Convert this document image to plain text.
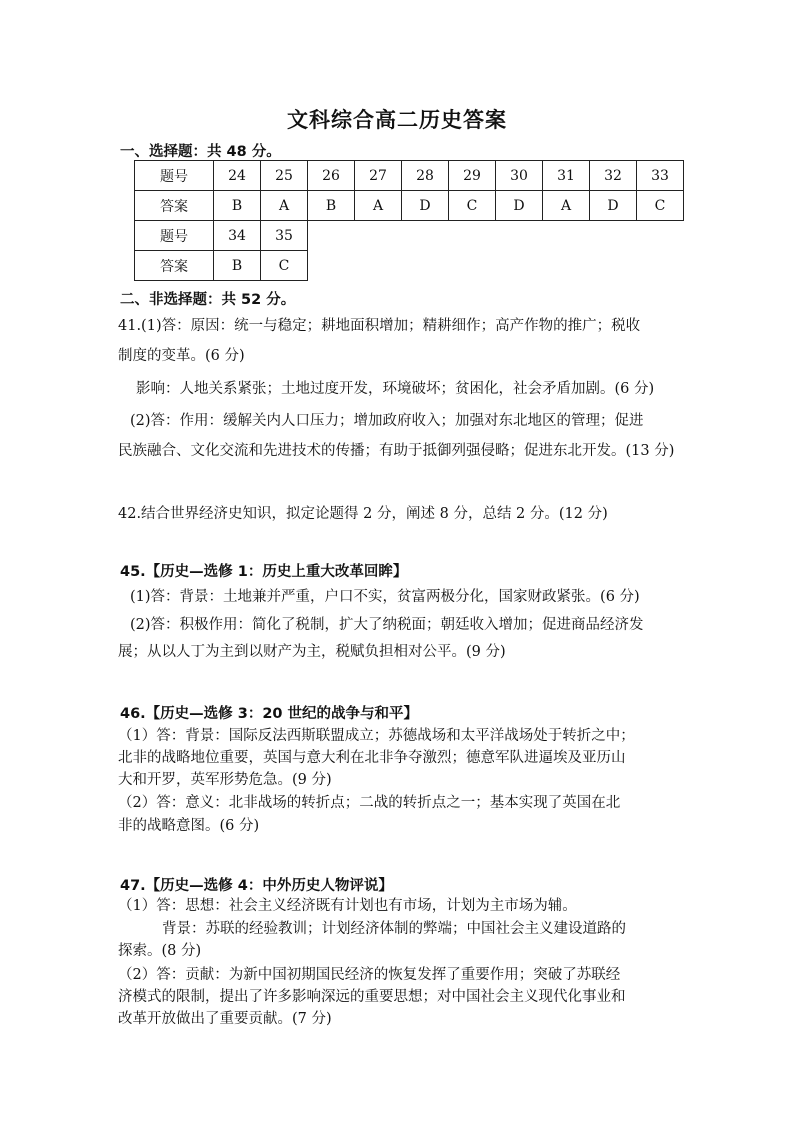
文科综合高二历史答案
一、选择题：共 48 分。
题号	24	25	26	27	28	29	30	31	32	33
答案	B	A	B	A	D	C	D	A	D	C
题号	34	35								
答案	B	C								
二、非选择题：共 52 分。
41.(1)答：原因：统一与稳定；耕地面积增加；精耕细作；高产作物的推广；税收
制度的变革。(6 分)
影响：人地关系紧张；土地过度开发，环境破坏；贫困化，社会矛盾加剧。(6 分)
(2)答：作用：缓解关内人口压力；增加政府收入；加强对东北地区的管理；促进
民族融合、文化交流和先进技术的传播；有助于抵御列强侵略；促进东北开发。(13 分)
42.结合世界经济史知识，拟定论题得 2 分，阐述 8 分，总结 2 分。(12 分)
45.【历史—选修 1：历史上重大改革回眸】
(1)答：背景：土地兼并严重，户口不实，贫富两极分化，国家财政紧张。(6 分)
(2)答：积极作用：简化了税制，扩大了纳税面；朝廷收入增加；促进商品经济发
展；从以人丁为主到以财产为主，税赋负担相对公平。(9 分)
46.【历史—选修 3：20 世纪的战争与和平】
（1）答：背景：国际反法西斯联盟成立；苏德战场和太平洋战场处于转折之中；
北非的战略地位重要，英国与意大利在北非争夺激烈；德意军队进逼埃及亚历山
大和开罗，英军形势危急。(9 分)
（2）答：意义：北非战场的转折点；二战的转折点之一；基本实现了英国在北
非的战略意图。(6 分)
47.【历史—选修 4：中外历史人物评说】
（1）答：思想：社会主义经济既有计划也有市场，计划为主市场为辅。
背景：苏联的经验教训；计划经济体制的弊端；中国社会主义建设道路的
探索。(8 分)
（2）答：贡献：为新中国初期国民经济的恢复发挥了重要作用；突破了苏联经
济模式的限制，提出了许多影响深远的重要思想；对中国社会主义现代化事业和
改革开放做出了重要贡献。(7 分)
